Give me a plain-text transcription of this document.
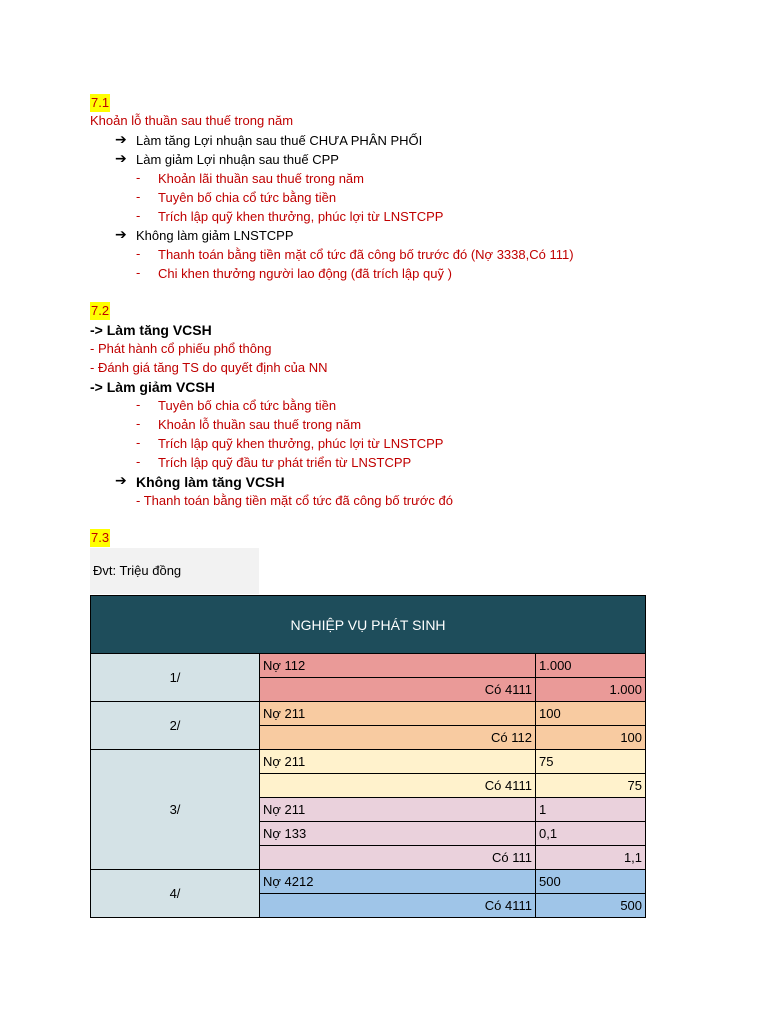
7.1
Khoản lỗ thuần sau thuế trong năm
➔ Làm tăng Lợi nhuận sau thuế CHƯA PHÂN PHỐI
➔ Làm giảm Lợi nhuận sau thuế CPP
- Khoản lãi thuần sau thuế trong năm
- Tuyên bố chia cổ tức bằng tiền
- Trích lập quỹ khen thưởng, phúc lợi từ LNSTCPP
➔ Không làm giảm LNSTCPP
- Thanh toán bằng tiền mặt cổ tức đã công bố trước đó (Nợ 3338,Có 111)
- Chi khen thưởng người lao động (đã trích lập quỹ )
7.2
-> Làm tăng VCSH
- Phát hành cổ phiếu phổ thông
- Đánh giá tăng TS do quyết định của NN
-> Làm giảm VCSH
- Tuyên bố chia cổ tức bằng tiền
- Khoản lỗ thuần sau thuế trong năm
- Trích lập quỹ khen thưởng, phúc lợi từ LNSTCPP
- Trích lập quỹ đầu tư phát triển từ LNSTCPP
➔ Không làm tăng VCSH
- Thanh toán bằng tiền mặt cổ tức đã công bố trước đó
7.3
Đvt: Triệu đồng
NGHIỆP VỤ PHÁT SINH		
1/	Nợ 112	1.000
	Có 4111	1.000
2/	Nợ 211	100
	Có 112	100
3/	Nợ 211	75
	Có 4111	75
	Nợ 211	1
	Nợ 133	0,1
	Có 111	1,1
4/	Nợ 4212	500
	Có 4111	500
